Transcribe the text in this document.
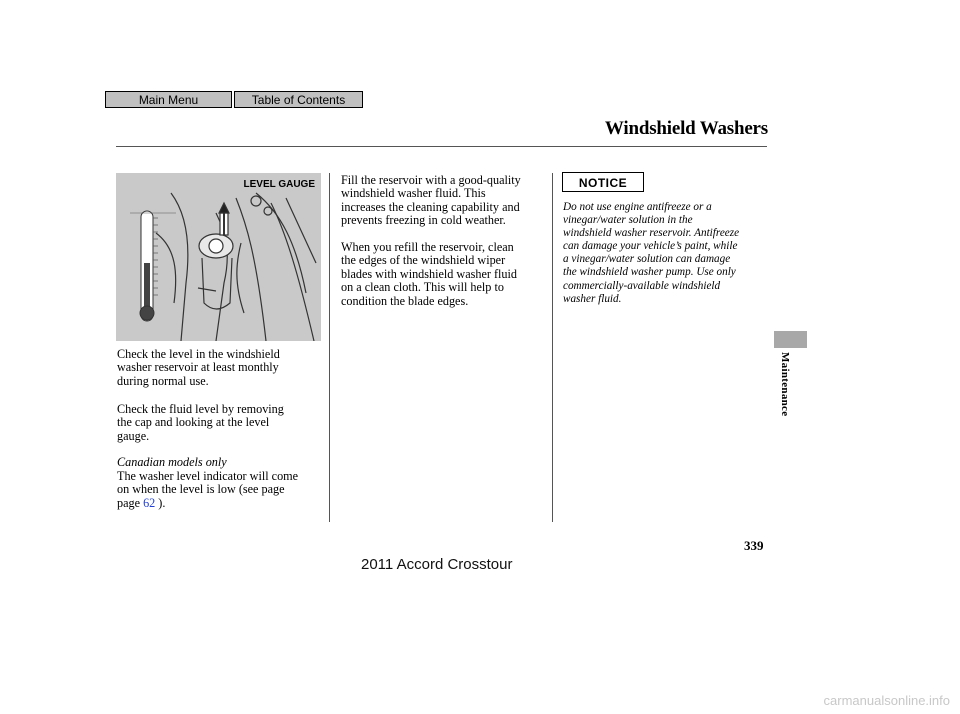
Main Menu	Table of Contents
Windshield Washers
LEVEL GAUGE
Check the level in the windshield
washer reservoir at least monthly
during normal use.
Check the fluid level by removing
the cap and looking at the level
gauge.
Canadian models only
The washer level indicator will come
on when the level is low (see page
page 62 ).
Fill the reservoir with a good-quality
windshield washer fluid. This
increases the cleaning capability and
prevents freezing in cold weather.
When you refill the reservoir, clean
the edges of the windshield wiper
blades with windshield washer fluid
on a clean cloth. This will help to
condition the blade edges.
NOTICE
Do not use engine antifreeze or a
vinegar/water solution in the
windshield washer reservoir. Antifreeze
can damage your vehicle’s paint, while
a vinegar/water solution can damage
the windshield washer pump. Use only
commercially-available windshield
washer fluid.
Maintenance
339
2011 Accord Crosstour
carmanualsonline.info
